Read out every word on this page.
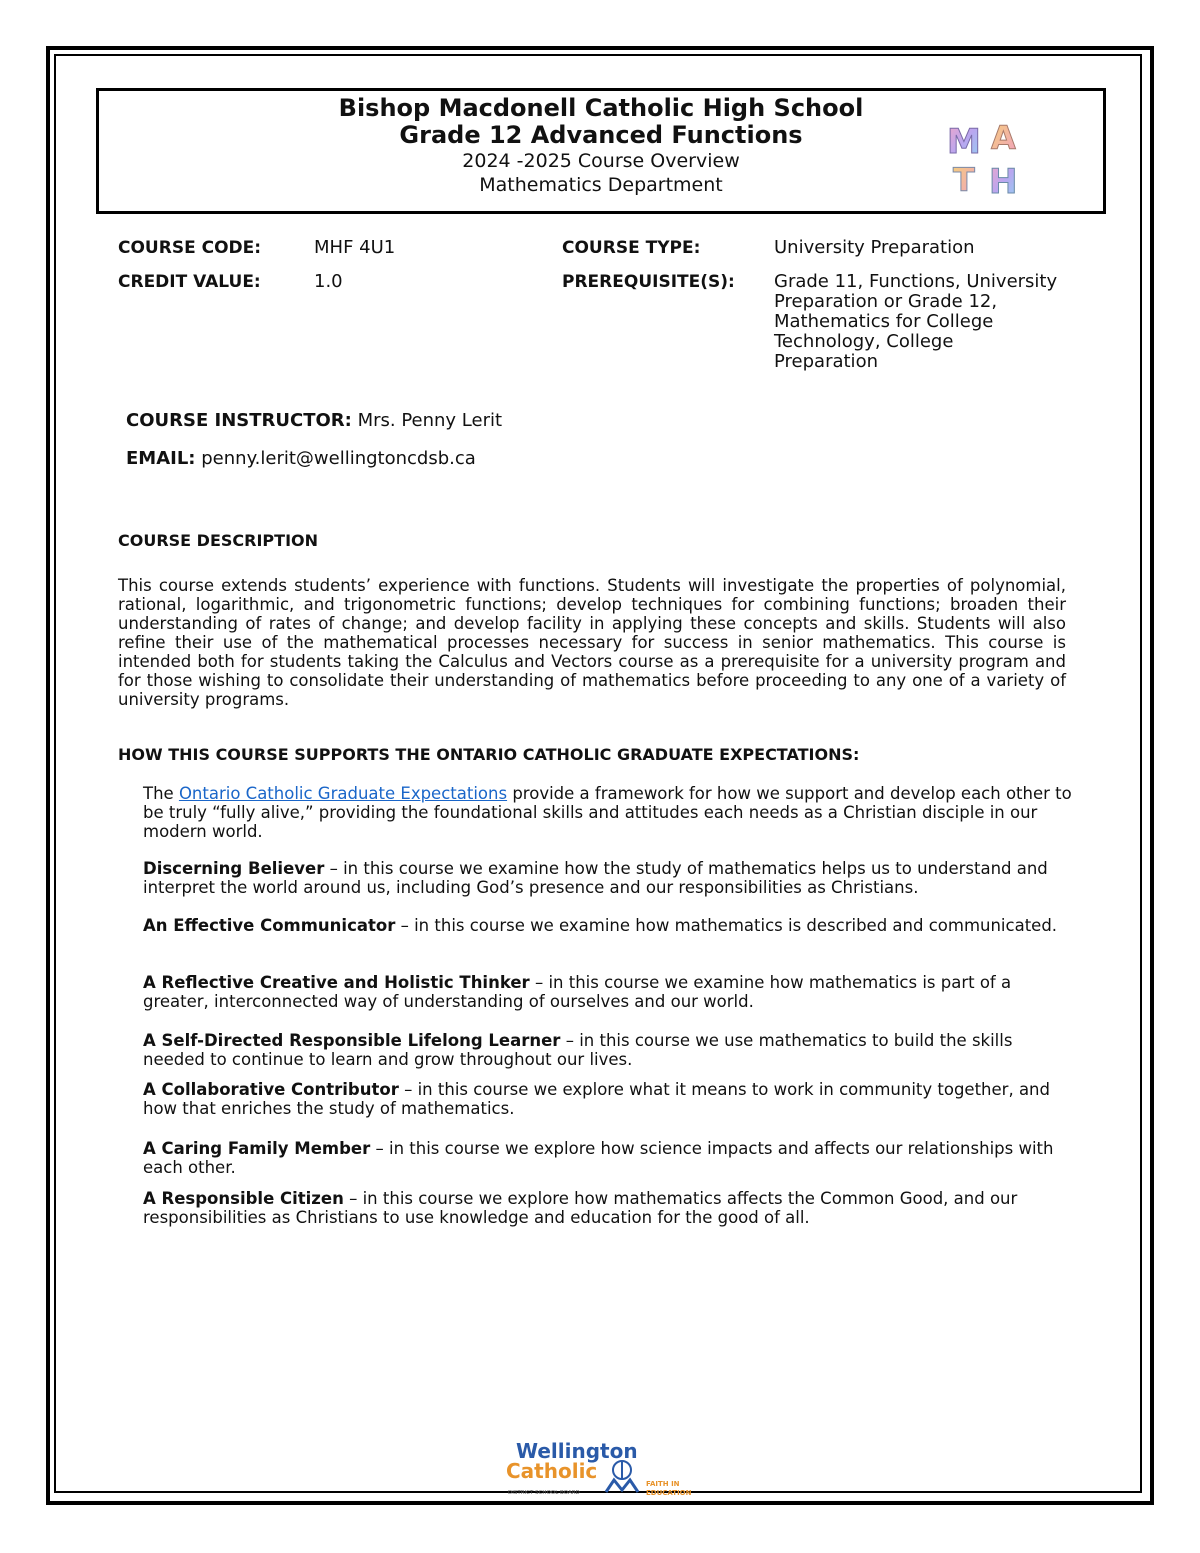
Bishop Macdonell Catholic High School
Grade 12 Advanced Functions
2024 -2025 Course Overview
Mathematics Department
M A
T H
COURSE CODE:	MHF 4U1	COURSE TYPE:	University Preparation
CREDIT VALUE:	1.0	PREREQUISITE(S): Grade 11, Functions, University
Preparation or Grade 12,
Mathematics for College
Technology, College
Preparation
COURSE INSTRUCTOR: Mrs. Penny Lerit
EMAIL: penny.lerit@wellingtoncdsb.ca
COURSE DESCRIPTION
This course extends students’ experience with functions. Students will investigate the properties of polynomial, rational, logarithmic, and trigonometric functions; develop techniques for combining functions; broaden their understanding of rates of change; and develop facility in applying these concepts and skills. Students will also refine their use of the mathematical processes necessary for success in senior mathematics. This course is intended both for students taking the Calculus and Vectors course as a prerequisite for a university program and for those wishing to consolidate their understanding of mathematics before proceeding to any one of a variety of university programs.
HOW THIS COURSE SUPPORTS THE ONTARIO CATHOLIC GRADUATE EXPECTATIONS:
The Ontario Catholic Graduate Expectations provide a framework for how we support and develop each other to be truly “fully alive,” providing the foundational skills and attitudes each needs as a Christian disciple in our modern world.
Discerning Believer – in this course we examine how the study of mathematics helps us to understand and interpret the world around us, including God’s presence and our responsibilities as Christians.
An Effective Communicator – in this course we examine how mathematics is described and communicated.
A Reflective Creative and Holistic Thinker – in this course we examine how mathematics is part of a greater, interconnected way of understanding of ourselves and our world.
A Self-Directed Responsible Lifelong Learner – in this course we use mathematics to build the skills needed to continue to learn and grow throughout our lives.
A Collaborative Contributor – in this course we explore what it means to work in community together, and how that enriches the study of mathematics.
A Caring Family Member – in this course we explore how science impacts and affects our relationships with each other.
A Responsible Citizen – in this course we explore how mathematics affects the Common Good, and our responsibilities as Christians to use knowledge and education for the good of all.
Wellington
Catholic
DISTRICT SCHOOL BOARD
FAITH IN
EDUCATION
